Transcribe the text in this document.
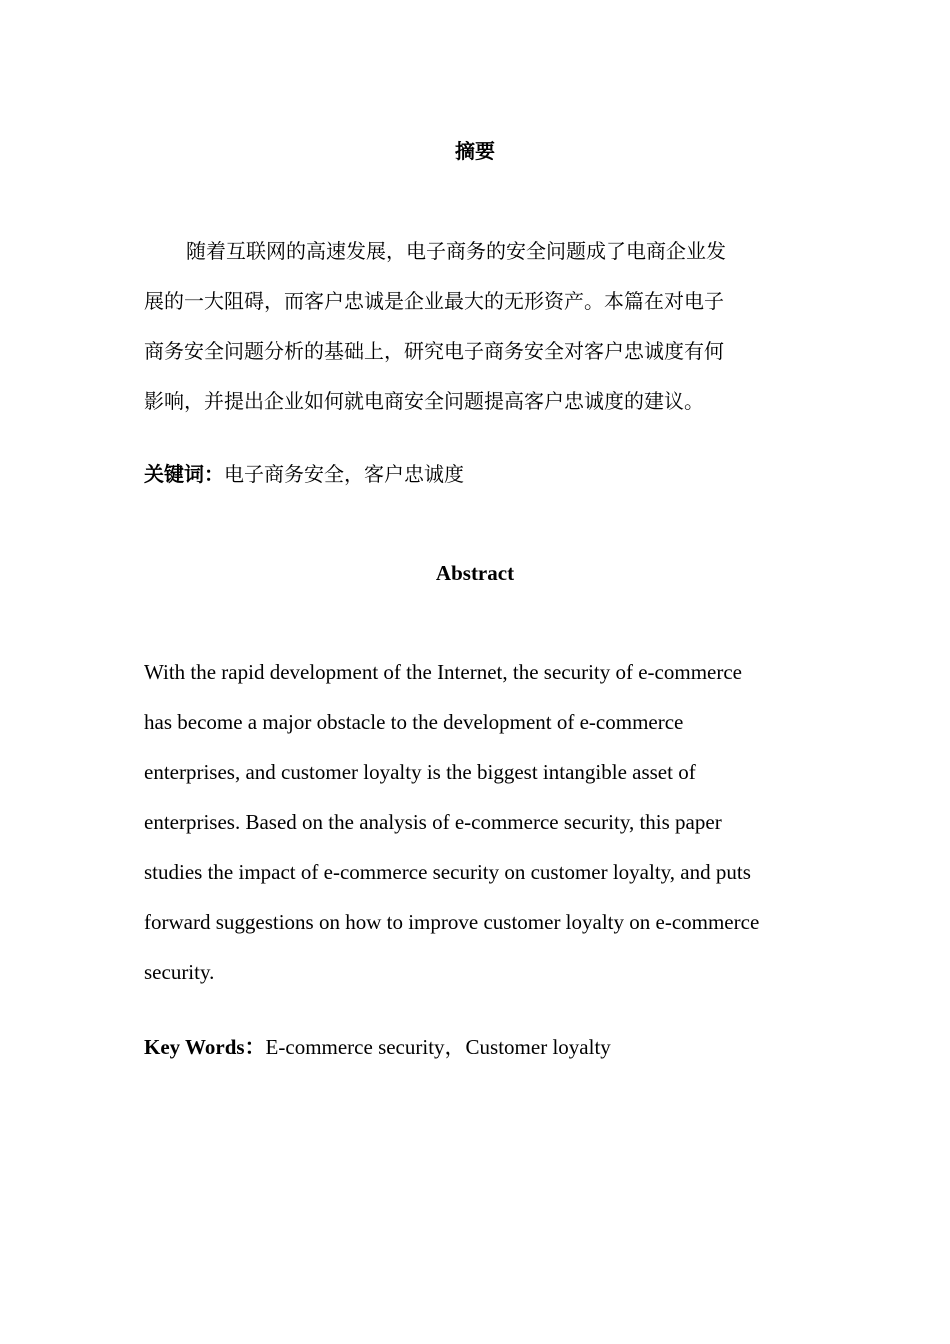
摘要

随着互联网的高速发展，电子商务的安全问题成了电商企业发
展的一大阻碍，而客户忠诚是企业最大的无形资产。本篇在对电子
商务安全问题分析的基础上，研究电子商务安全对客户忠诚度有何
影响，并提出企业如何就电商安全问题提高客户忠诚度的建议。

关键词：电子商务安全，客户忠诚度
Abstract

With the rapid development of the Internet, the security of e-commerce
has become a major obstacle to the development of e-commerce
enterprises, and customer loyalty is the biggest intangible asset of
enterprises. Based on the analysis of e-commerce security, this paper
studies the impact of e-commerce security on customer loyalty, and puts
forward suggestions on how to improve customer loyalty on e-commerce
security.

Key Words：E-commerce security，Customer loyalty
